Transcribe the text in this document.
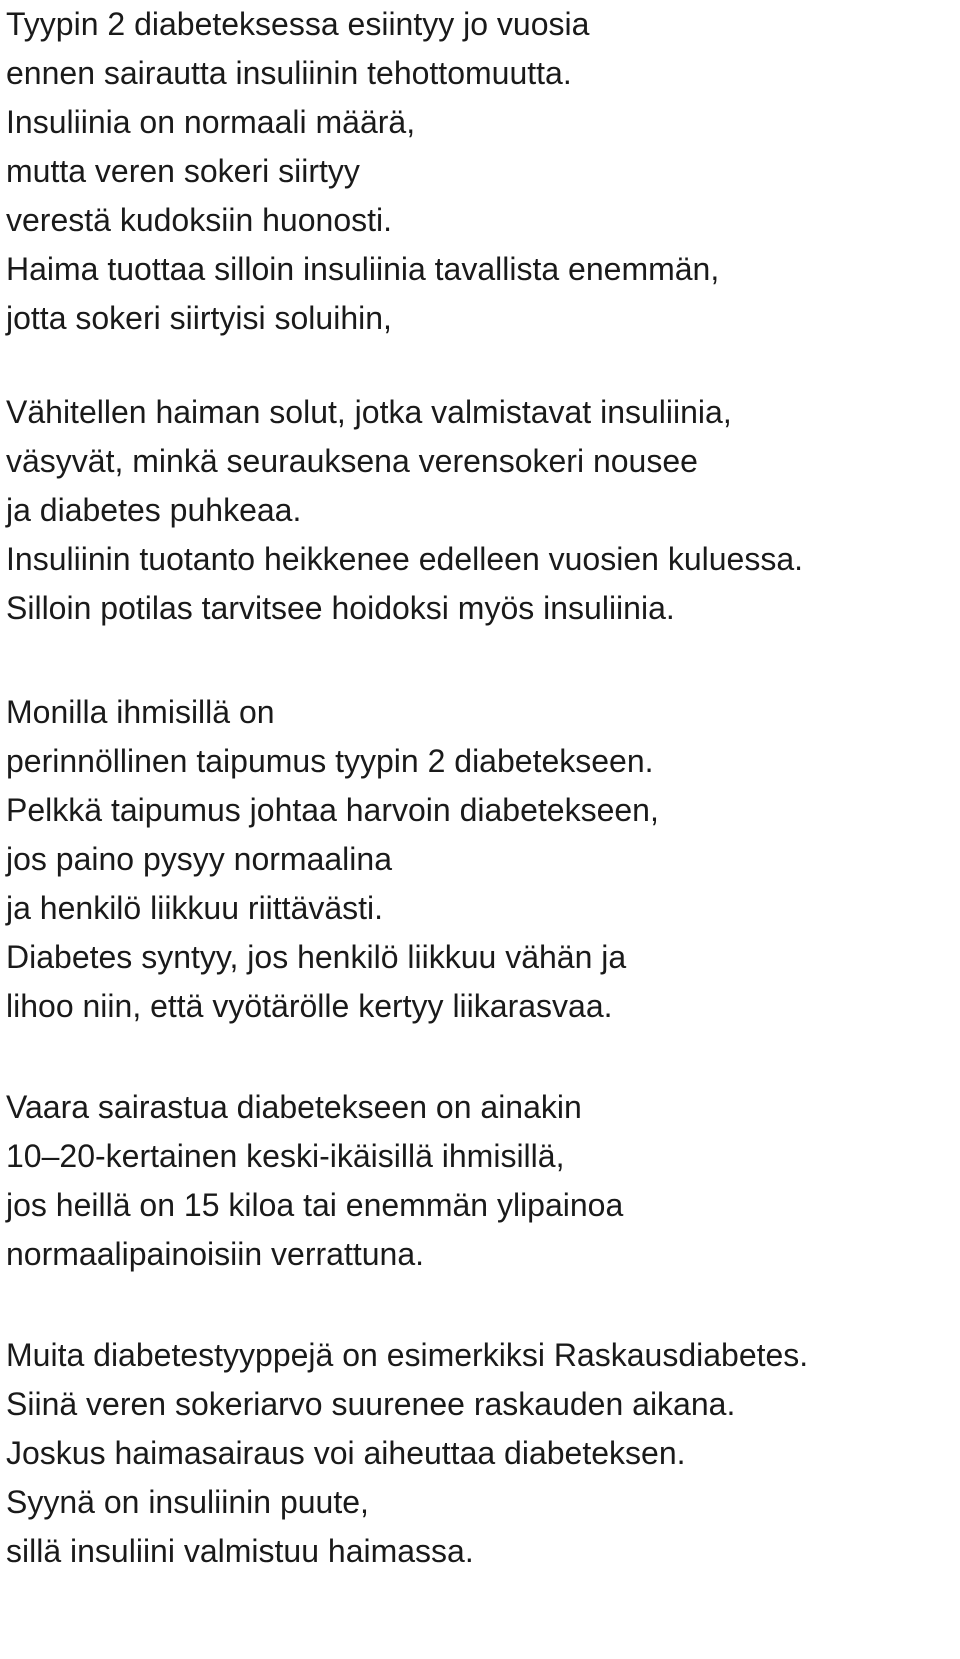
Tyypin 2 diabeteksessa esiintyy jo vuosia
ennen sairautta insuliinin tehottomuutta.
Insuliinia on normaali määrä,
mutta veren sokeri siirtyy
verestä kudoksiin huonosti.
Haima tuottaa silloin insuliinia tavallista enemmän,
jotta sokeri siirtyisi soluihin,

Vähitellen haiman solut, jotka valmistavat insuliinia,
väsyvät, minkä seurauksena verensokeri nousee
ja diabetes puhkeaa.
Insuliinin tuotanto heikkenee edelleen vuosien kuluessa.
Silloin potilas tarvitsee hoidoksi myös insuliinia.

Monilla ihmisillä on
perinnöllinen taipumus tyypin 2 diabetekseen.
Pelkkä taipumus johtaa harvoin diabetekseen,
jos paino pysyy normaalina
ja henkilö liikkuu riittävästi.
Diabetes syntyy, jos henkilö liikkuu vähän ja
lihoo niin, että vyötärölle kertyy liikarasvaa.

Vaara sairastua diabetekseen on ainakin
10–20-kertainen keski-ikäisillä ihmisillä,
jos heillä on 15 kiloa tai enemmän ylipainoa
normaalipainoisiin verrattuna.

Muita diabetestyyppejä on esimerkiksi Raskausdiabetes.
Siinä veren sokeriarvo suurenee raskauden aikana.
Joskus haimasairaus voi aiheuttaa diabeteksen.
Syynä on insuliinin puute,
sillä insuliini valmistuu haimassa.
